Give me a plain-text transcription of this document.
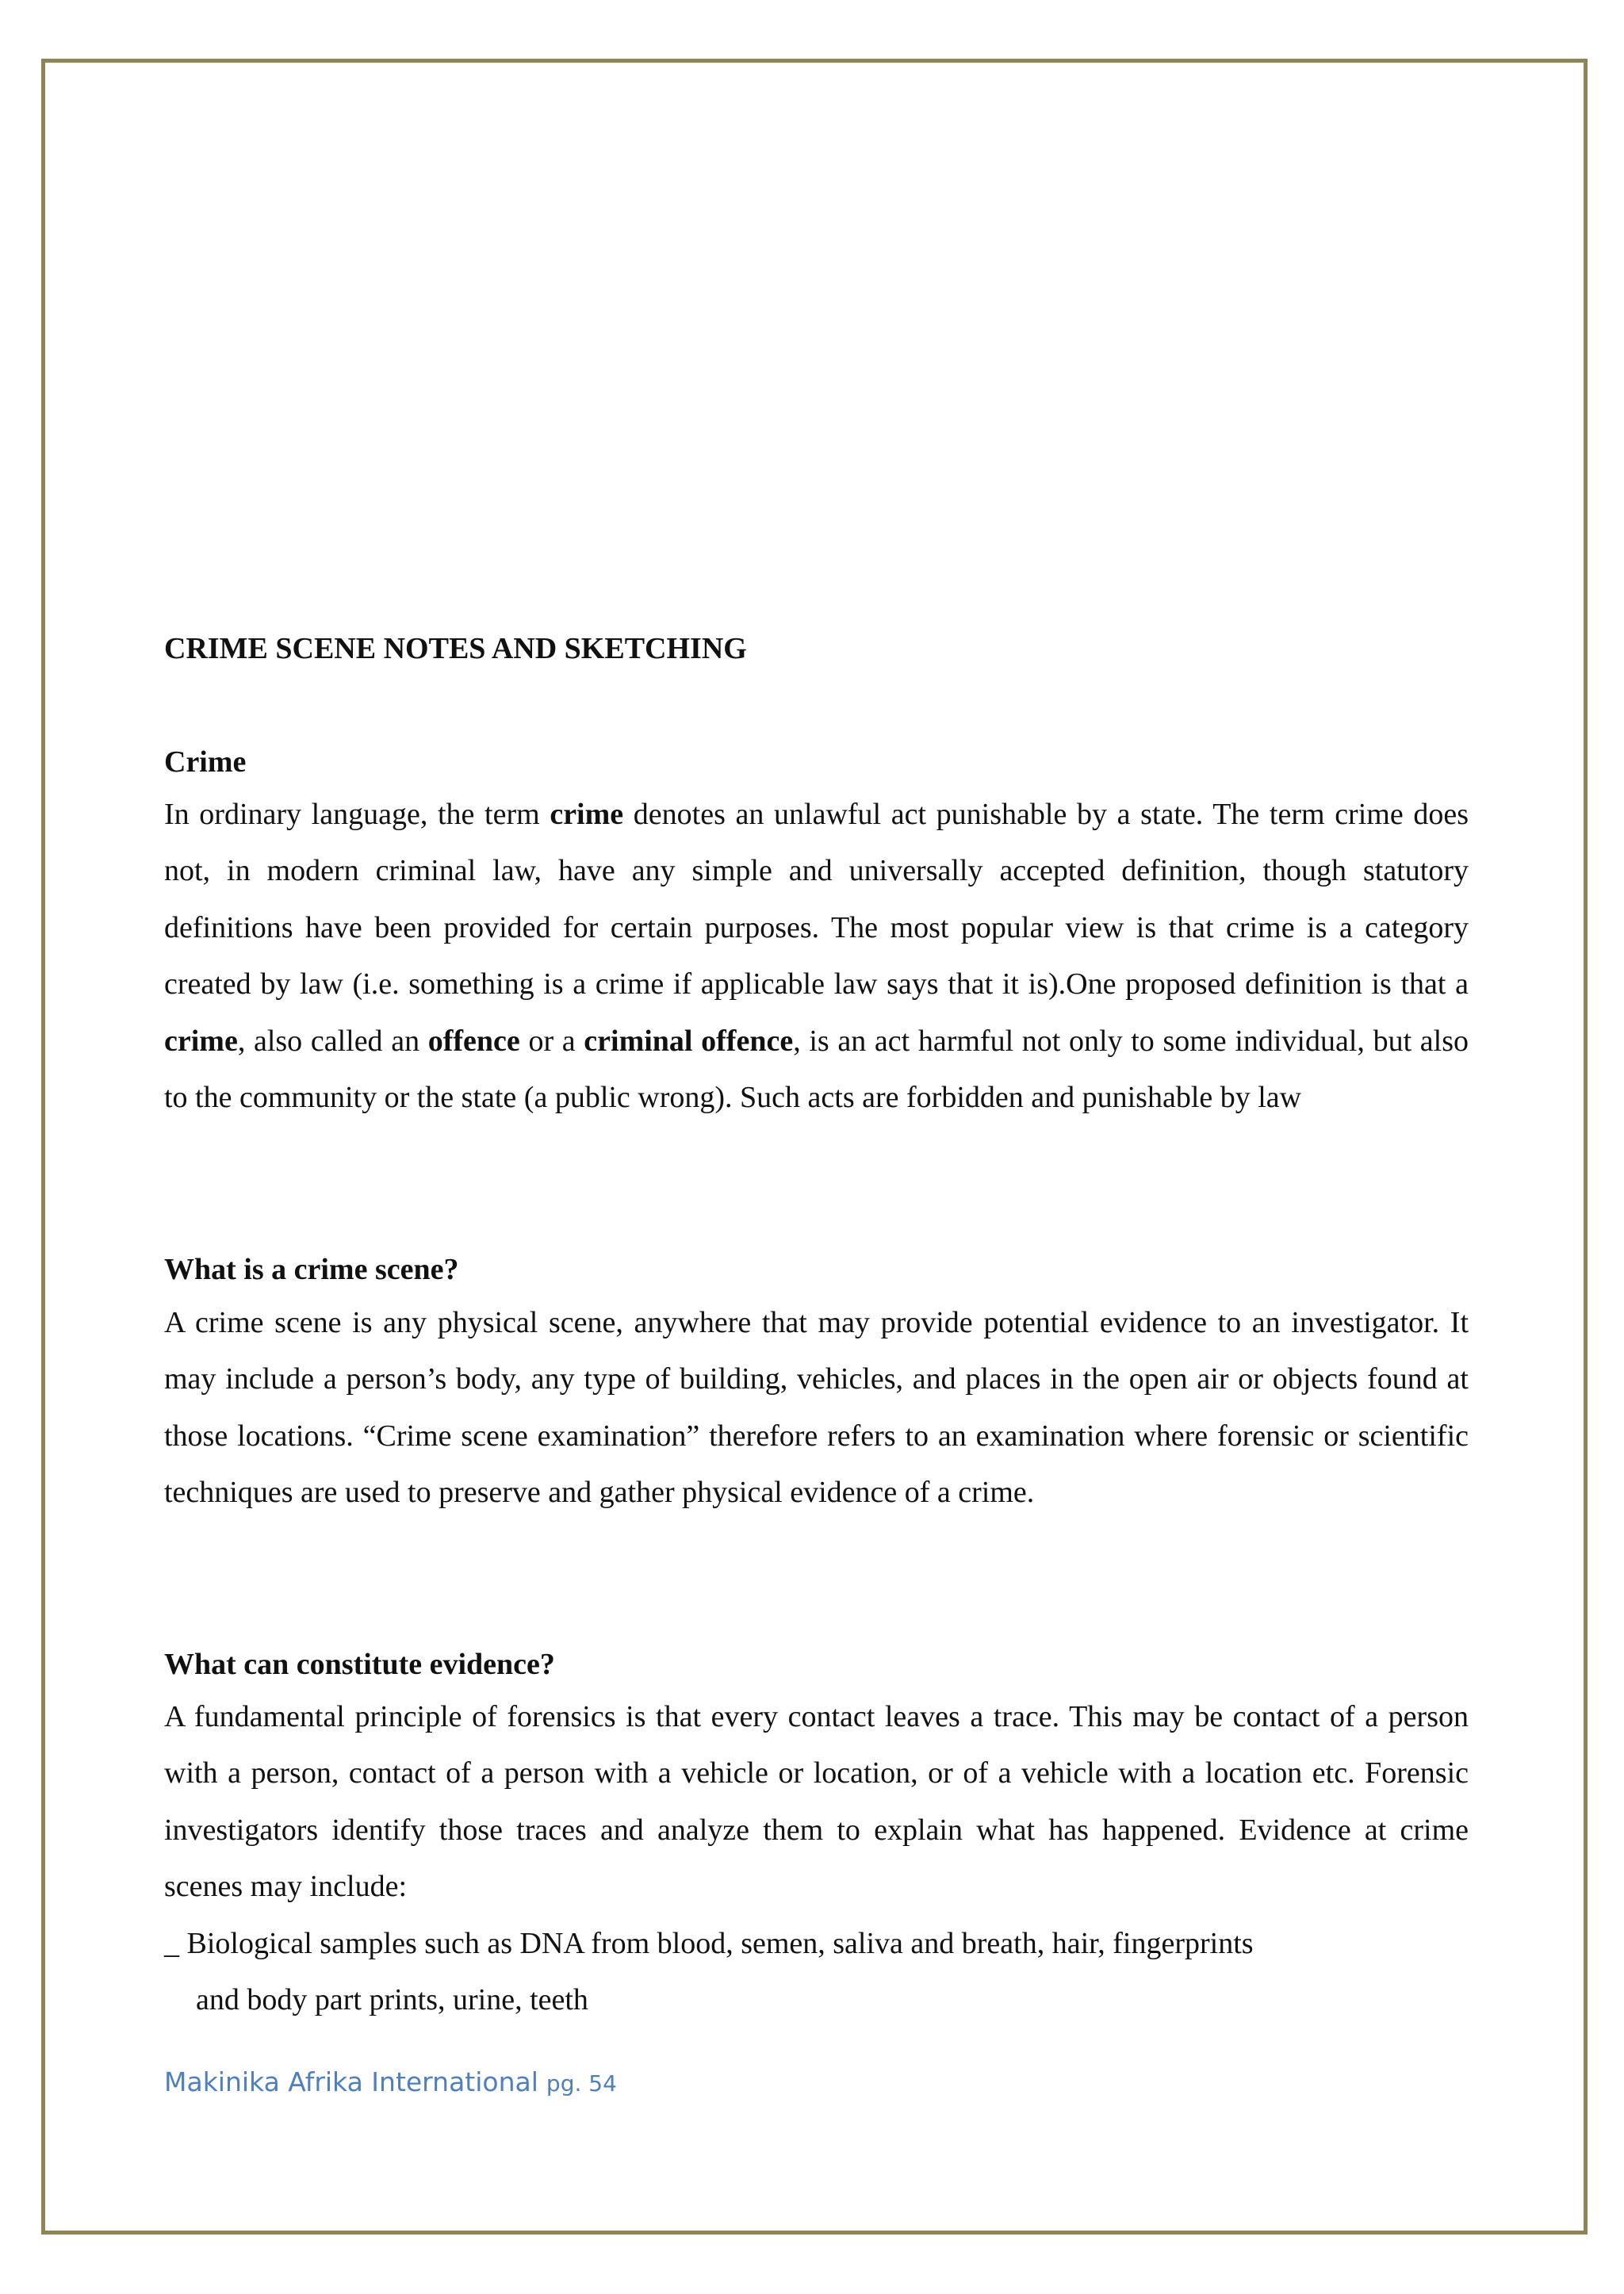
CRIME SCENE NOTES AND SKETCHING
Crime

In ordinary language, the term crime denotes an unlawful act punishable by a state. The term crime does not, in modern criminal law, have any simple and universally accepted definition, though statutory definitions have been provided for certain purposes. The most popular view is that crime is a category created by law (i.e. something is a crime if applicable law says that it is).One proposed definition is that a crime, also called an offence or a criminal offence, is an act harmful not only to some individual, but also to the community or the state (a public wrong). Such acts are forbidden and punishable by law

What is a crime scene?

A crime scene is any physical scene, anywhere that may provide potential evidence to an investigator. It may include a person’s body, any type of building, vehicles, and places in the open air or objects found at those locations. “Crime scene examination” therefore refers to an examination where forensic or scientific techniques are used to preserve and gather physical evidence of a crime.

What can constitute evidence?

A fundamental principle of forensics is that every contact leaves a trace. This may be contact of a person with a person, contact of a person with a vehicle or location, or of a vehicle with a location etc. Forensic investigators identify those traces and analyze them to explain what has happened. Evidence at crime scenes may include:

_ Biological samples such as DNA from blood, semen, saliva and breath, hair, fingerprints
and body part prints, urine, teeth

Makinika Afrika International pg. 54
